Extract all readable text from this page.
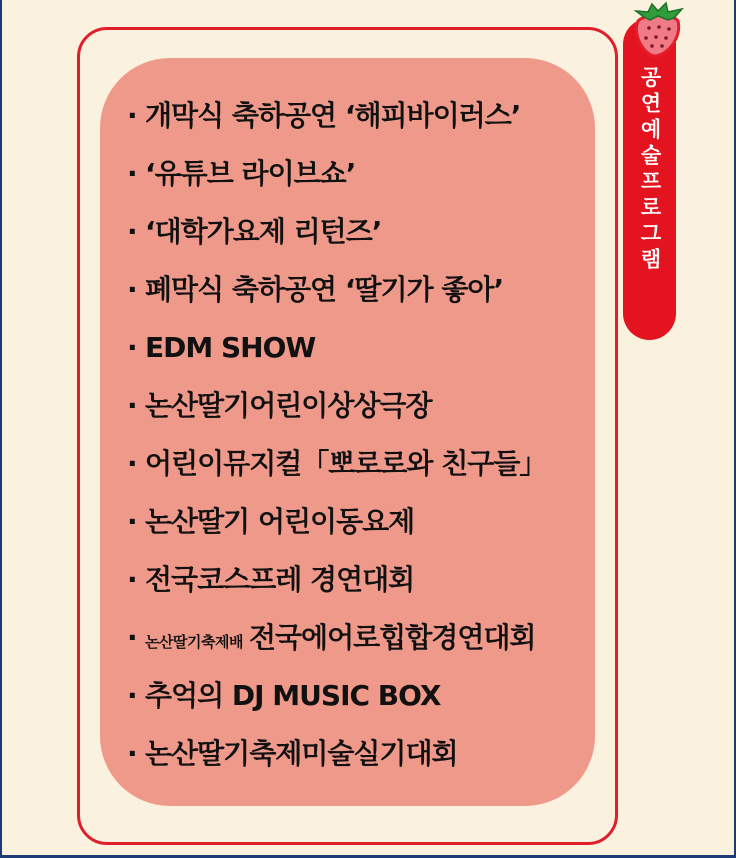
· 개막식 축하공연 ‘해피바이러스’
· ‘유튜브 라이브쇼’
· ‘대학가요제 리턴즈’
· 폐막식 축하공연 ‘딸기가 좋아’
· EDM SHOW
· 논산딸기어린이상상극장
· 어린이뮤지컬「뽀로로와 친구들」
· 논산딸기 어린이동요제
· 전국코스프레 경연대회
· 논산딸기축제배 전국에어로힙합경연대회
· 추억의 DJ MUSIC BOX
· 논산딸기축제미술실기대회
공연예술프로그램
